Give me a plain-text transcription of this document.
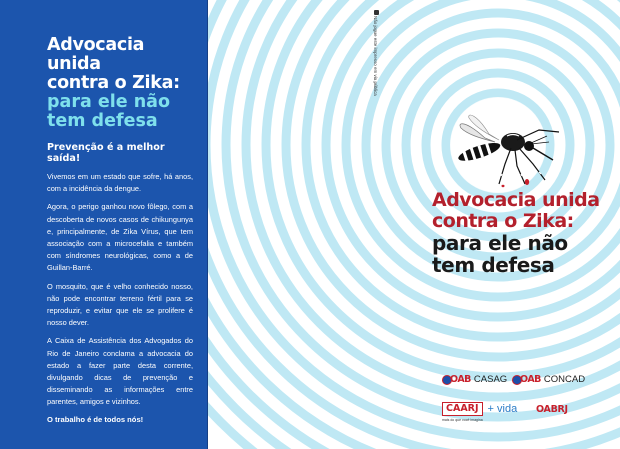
Advocacia unida
contra o Zika:
para ele não
tem defesa
Prevenção é a melhor saída!

Vivemos em um estado que sofre, há anos, com a incidência da dengue.

Agora, o perigo ganhou novo fôlego, com a descoberta de novos casos de chikungunya e, principalmente, de Zika Vírus, que tem associação com a microcefalia e também com síndromes neurológicas, como a de Guillan-Barré.

O mosquito, que é velho conhecido nosso, não pode encontrar terreno fértil para se reproduzir, e evitar que ele se prolifere é nosso dever.

A Caixa de Assistência dos Advogados do Rio de Janeiro conclama a advocacia do estado a fazer parte desta corrente, divulgando dicas de prevenção e disseminando as informações entre parentes, amigos e vizinhos.

O trabalho é de todos nós!
Não jogue este impresso em via pública
Advocacia unida
contra o Zika:
para ele não
tem defesa
OAB CASAG OAB CONCAD
CAARJ + vida
mais do que você imagina
OABRJ
